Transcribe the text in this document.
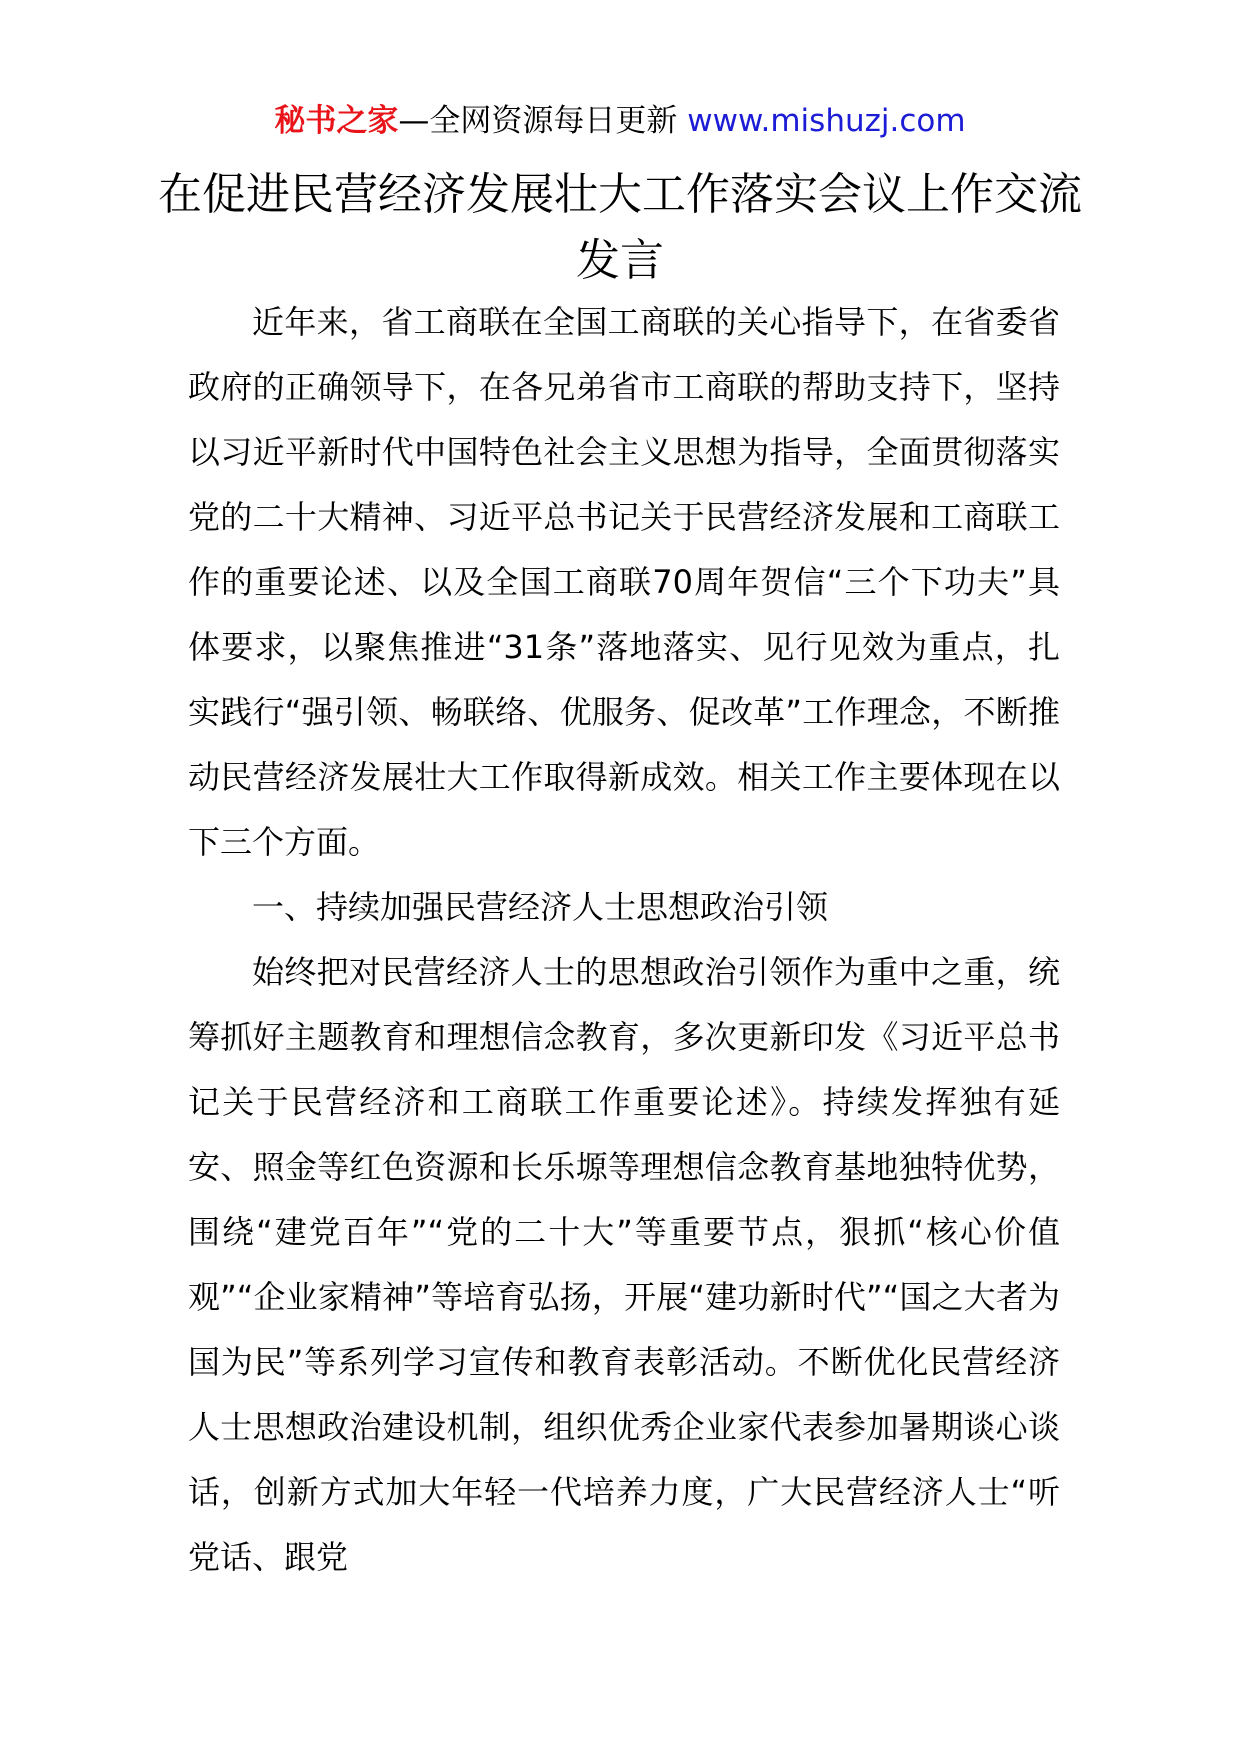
秘书之家—全网资源每日更新 www.mishuzj.com
在促进民营经济发展壮大工作落实会议上作交流发言

近年来，省工商联在全国工商联的关心指导下，在省委省政府的正确领导下，在各兄弟省市工商联的帮助支持下，坚持以习近平新时代中国特色社会主义思想为指导，全面贯彻落实党的二十大精神、习近平总书记关于民营经济发展和工商联工作的重要论述、以及全国工商联70周年贺信“三个下功夫”具体要求，以聚焦推进“31条”落地落实、见行见效为重点，扎实践行“强引领、畅联络、优服务、促改革”工作理念，不断推动民营经济发展壮大工作取得新成效。相关工作主要体现在以下三个方面。

一、持续加强民营经济人士思想政治引领

始终把对民营经济人士的思想政治引领作为重中之重，统筹抓好主题教育和理想信念教育，多次更新印发《习近平总书记关于民营经济和工商联工作重要论述》。持续发挥独有延安、照金等红色资源和长乐塬等理想信念教育基地独特优势，围绕“建党百年”“党的二十大”等重要节点，狠抓“核心价值观”“企业家精神”等培育弘扬，开展“建功新时代”“国之大者为国为民”等系列学习宣传和教育表彰活动。不断优化民营经济人士思想政治建设机制，组织优秀企业家代表参加暑期谈心谈话，创新方式加大年轻一代培养力度，广大民营经济人士“听党话、跟党
